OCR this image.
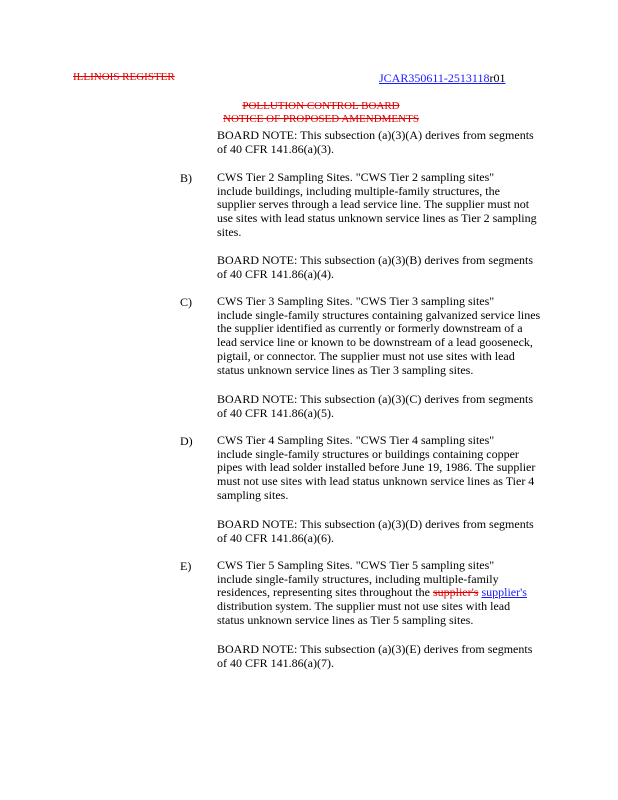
ILLINOIS REGISTER	JCAR350611-2513118r01
POLLUTION CONTROL BOARD
NOTICE OF PROPOSED AMENDMENTS
BOARD NOTE: This subsection (a)(3)(A) derives from segments
of 40 CFR 141.86(a)(3).
B) CWS Tier 2 Sampling Sites. "CWS Tier 2 sampling sites"
include buildings, including multiple-family structures, the
supplier serves through a lead service line. The supplier must not
use sites with lead status unknown service lines as Tier 2 sampling
sites.
BOARD NOTE: This subsection (a)(3)(B) derives from segments
of 40 CFR 141.86(a)(4).
C) CWS Tier 3 Sampling Sites. "CWS Tier 3 sampling sites"
include single-family structures containing galvanized service lines
the supplier identified as currently or formerly downstream of a
lead service line or known to be downstream of a lead gooseneck,
pigtail, or connector. The supplier must not use sites with lead
status unknown service lines as Tier 3 sampling sites.
BOARD NOTE: This subsection (a)(3)(C) derives from segments
of 40 CFR 141.86(a)(5).
D) CWS Tier 4 Sampling Sites. "CWS Tier 4 sampling sites"
include single-family structures or buildings containing copper
pipes with lead solder installed before June 19, 1986. The supplier
must not use sites with lead status unknown service lines as Tier 4
sampling sites.
BOARD NOTE: This subsection (a)(3)(D) derives from segments
of 40 CFR 141.86(a)(6).
E) CWS Tier 5 Sampling Sites. "CWS Tier 5 sampling sites"
include single-family structures, including multiple-family
residences, representing sites throughout the supplier's supplier's
distribution system. The supplier must not use sites with lead
status unknown service lines as Tier 5 sampling sites.
BOARD NOTE: This subsection (a)(3)(E) derives from segments
of 40 CFR 141.86(a)(7).
